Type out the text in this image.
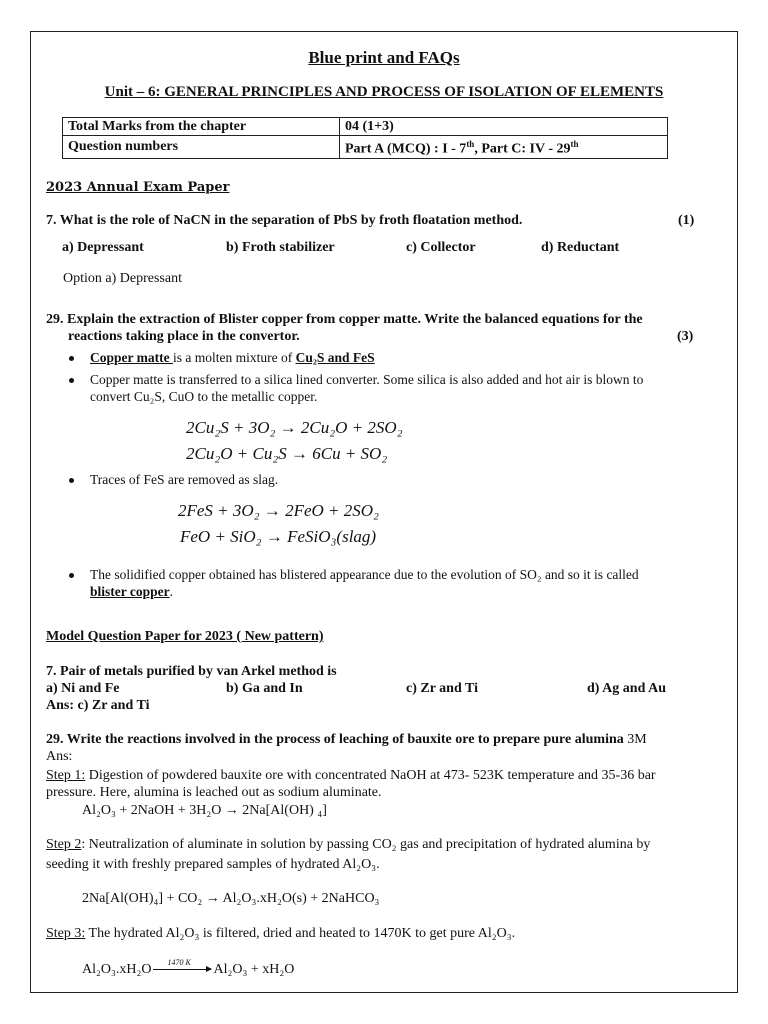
Blue print and FAQs
Unit – 6: GENERAL PRINCIPLES AND PROCESS OF ISOLATION OF ELEMENTS
Total Marks from the chapter	04 (1+3)
Question numbers	Part A (MCQ) : I - 7th, Part C: IV - 29th
2023 Annual Exam Paper
7. What is the role of NaCN in the separation of PbS by froth floatation method.	(1)
a) Depressant	b) Froth stabilizer	c) Collector	d) Reductant
Option a) Depressant
29. Explain the extraction of Blister copper from copper matte. Write the balanced equations for the
reactions taking place in the convertor.	(3)
Copper matte is a molten mixture of Cu₂S and FeS
Copper matte is transferred to a silica lined converter. Some silica is also added and hot air is blown to
convert Cu₂S, CuO to the metallic copper.
2Cu₂S + 3O₂ → 2Cu₂O + 2SO₂
2Cu₂O + Cu₂S → 6Cu + SO₂
Traces of FeS are removed as slag.
2FeS + 3O₂ → 2FeO + 2SO₂
FeO + SiO₂ → FeSiO₃(slag)
The solidified copper obtained has blistered appearance due to the evolution of SO₂ and so it is called
blister copper.
Model Question Paper for 2023 ( New pattern)
7. Pair of metals purified by van Arkel method is
a) Ni and Fe	b) Ga and In	c) Zr and Ti	d) Ag and Au
Ans: c) Zr and Ti
29. Write the reactions involved in the process of leaching of bauxite ore to prepare pure alumina 3M
Ans:
Step 1: Digestion of powdered bauxite ore with concentrated NaOH at 473- 523K temperature and 35-36 bar
pressure. Here, alumina is leached out as sodium aluminate.
Al₂O₃ + 2NaOH + 3H₂O → 2Na[Al(OH) ₄]
Step 2: Neutralization of aluminate in solution by passing CO₂ gas and precipitation of hydrated alumina by
seeding it with freshly prepared samples of hydrated Al₂O₃.
2Na[Al(OH)₄] + CO₂ → Al₂O₃.xH₂O(s) + 2NaHCO₃
Step 3: The hydrated Al₂O₃ is filtered, dried and heated to 1470K to get pure Al₂O₃.
Al₂O₃.xH₂O 1470 K Al₂O₃ + xH₂O
